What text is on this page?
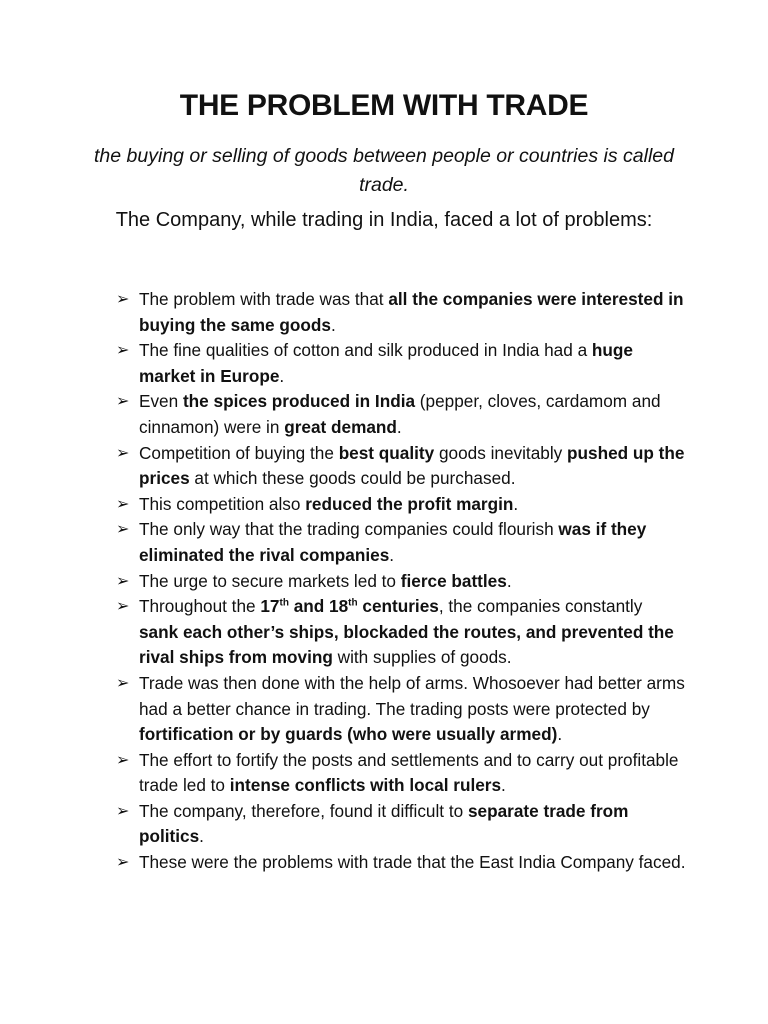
THE PROBLEM WITH TRADE

the buying or selling of goods between people or countries is called trade.

The Company, while trading in India, faced a lot of problems:

➢ The problem with trade was that all the companies were interested in buying the same goods.
➢ The fine qualities of cotton and silk produced in India had a huge market in Europe.
➢ Even the spices produced in India (pepper, cloves, cardamom and cinnamon) were in great demand.
➢ Competition of buying the best quality goods inevitably pushed up the prices at which these goods could be purchased.
➢ This competition also reduced the profit margin.
➢ The only way that the trading companies could flourish was if they eliminated the rival companies.
➢ The urge to secure markets led to fierce battles.
➢ Throughout the 17th and 18th centuries, the companies constantly sank each other’s ships, blockaded the routes, and prevented the rival ships from moving with supplies of goods.
➢ Trade was then done with the help of arms. Whosoever had better arms had a better chance in trading. The trading posts were protected by fortification or by guards (who were usually armed).
➢ The effort to fortify the posts and settlements and to carry out profitable trade led to intense conflicts with local rulers.
➢ The company, therefore, found it difficult to separate trade from politics.
➢ These were the problems with trade that the East India Company faced.
